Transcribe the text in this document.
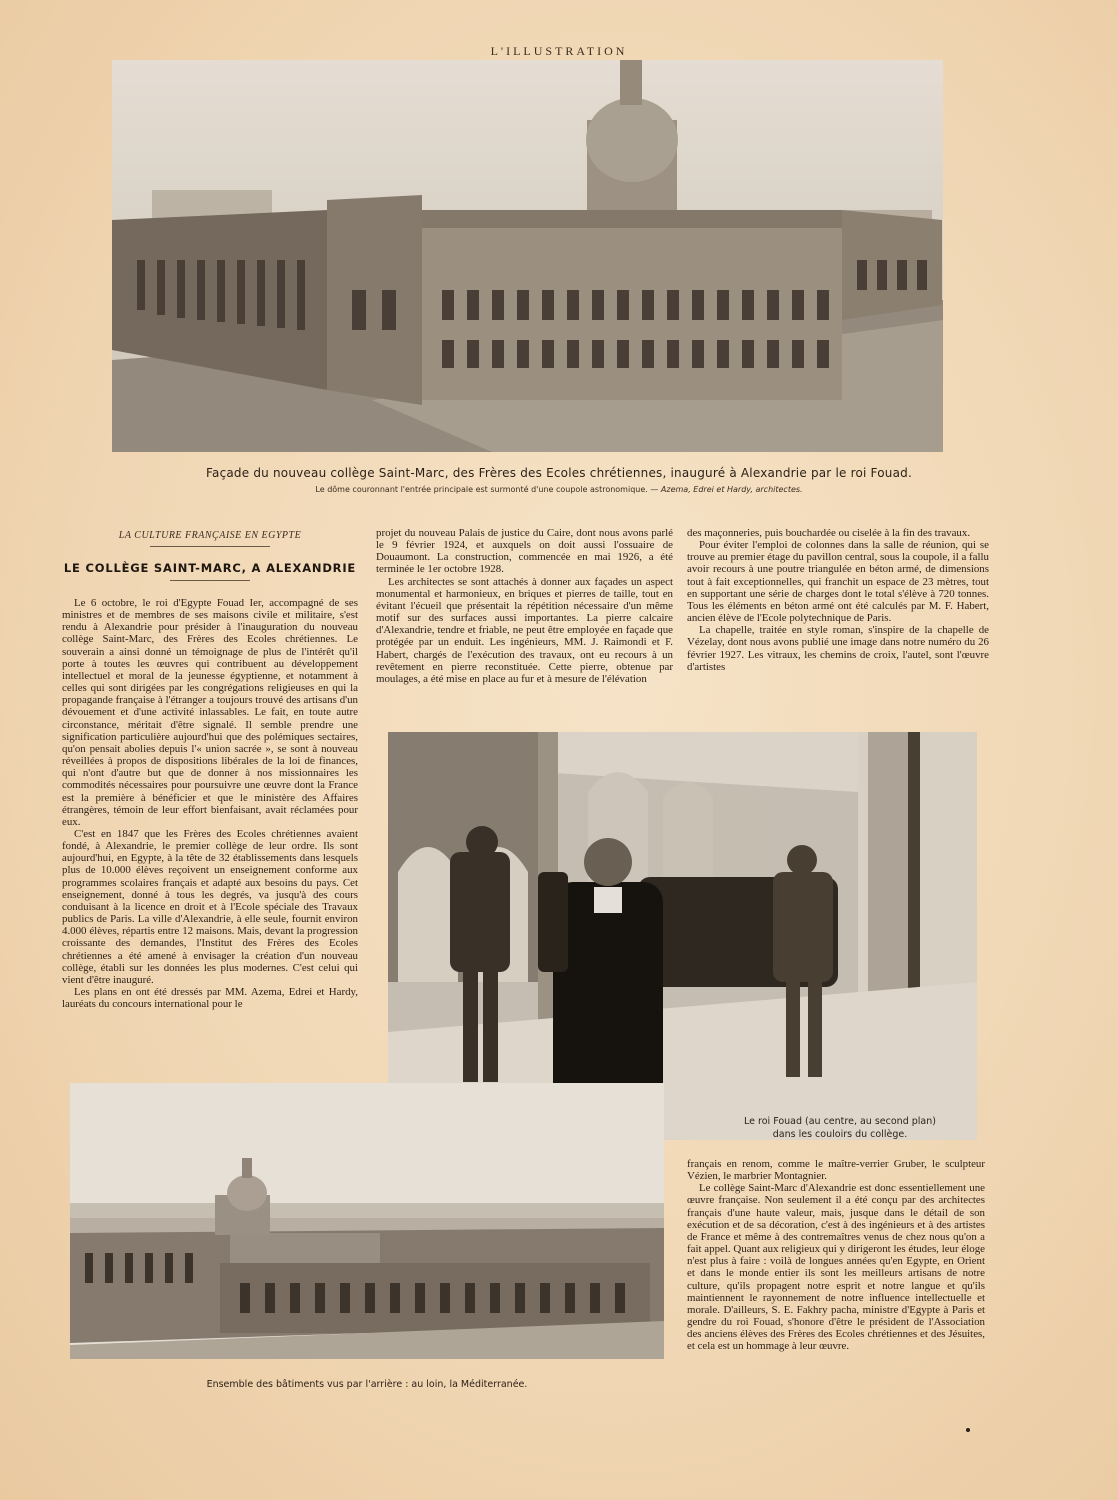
L'ILLUSTRATION
Façade du nouveau collège Saint-Marc, des Frères des Ecoles chrétiennes, inauguré à Alexandrie par le roi Fouad.
Le dôme couronnant l'entrée principale est surmonté d'une coupole astronomique. — Azema, Edrei et Hardy, architectes.
LA CULTURE FRANÇAISE EN EGYPTE
LE COLLÈGE SAINT-MARC, A ALEXANDRIE

Le 6 octobre, le roi d'Egypte Fouad Ier, accompagné de ses ministres et de membres de ses maisons civile et militaire, s'est rendu à Alexandrie pour présider à l'inauguration du nouveau collège Saint-Marc, des Frères des Ecoles chrétiennes. Le souverain a ainsi donné un témoignage de plus de l'intérêt qu'il porte à toutes les œuvres qui contribuent au développement intellectuel et moral de la jeunesse égyptienne, et notamment à celles qui sont dirigées par les congrégations religieuses en qui la propagande française à l'étranger a toujours trouvé des artisans d'un dévouement et d'une activité inlassables. Le fait, en toute autre circonstance, méritait d'être signalé. Il semble prendre une signification particulière aujourd'hui que des polémiques sectaires, qu'on pensait abolies depuis l'« union sacrée », se sont à nouveau réveillées à propos de dispositions libérales de la loi de finances, qui n'ont d'autre but que de donner à nos missionnaires les commodités nécessaires pour poursuivre une œuvre dont la France est la première à bénéficier et que le ministère des Affaires étrangères, témoin de leur effort bienfaisant, avait réclamées pour eux.

C'est en 1847 que les Frères des Ecoles chrétiennes avaient fondé, à Alexandrie, le premier collège de leur ordre. Ils sont aujourd'hui, en Egypte, à la tête de 32 établissements dans lesquels plus de 10.000 élèves reçoivent un enseignement conforme aux programmes scolaires français et adapté aux besoins du pays. Cet enseignement, donné à tous les degrés, va jusqu'à des cours conduisant à la licence en droit et à l'Ecole spéciale des Travaux publics de Paris. La ville d'Alexandrie, à elle seule, fournit environ 4.000 élèves, répartis entre 12 maisons. Mais, devant la progression croissante des demandes, l'Institut des Frères des Ecoles chrétiennes a été amené à envisager la création d'un nouveau collège, établi sur les données les plus modernes. C'est celui qui vient d'être inauguré.

Les plans en ont été dressés par MM. Azema, Edrei et Hardy, lauréats du concours international pour le

projet du nouveau Palais de justice du Caire, dont nous avons parlé le 9 février 1924, et auxquels on doit aussi l'ossuaire de Douaumont. La construction, commencée en mai 1926, a été terminée le 1er octobre 1928.

Les architectes se sont attachés à donner aux façades un aspect monumental et harmonieux, en briques et pierres de taille, tout en évitant l'écueil que présentait la répétition nécessaire d'un même motif sur des surfaces aussi importantes. La pierre calcaire d'Alexandrie, tendre et friable, ne peut être employée en façade que protégée par un enduit. Les ingénieurs, MM. J. Raimondi et F. Habert, chargés de l'exécution des travaux, ont eu recours à un revêtement en pierre reconstituée. Cette pierre, obtenue par moulages, a été mise en place au fur et à mesure de l'élévation

des maçonneries, puis bouchardée ou ciselée à la fin des travaux.

Pour éviter l'emploi de colonnes dans la salle de réunion, qui se trouve au premier étage du pavillon central, sous la coupole, il a fallu avoir recours à une poutre triangulée en béton armé, de dimensions tout à fait exceptionnelles, qui franchit un espace de 23 mètres, tout en supportant une série de charges dont le total s'élève à 720 tonnes. Tous les éléments en béton armé ont été calculés par M. F. Habert, ancien élève de l'Ecole polytechnique de Paris.

La chapelle, traitée en style roman, s'inspire de la chapelle de Vézelay, dont nous avons publié une image dans notre numéro du 26 février 1927. Les vitraux, les chemins de croix, l'autel, sont l'œuvre d'artistes

Le roi Fouad (au centre, au second plan)
dans les couloirs du collège.
Ensemble des bâtiments vus par l'arrière : au loin, la Méditerranée.

français en renom, comme le maître-verrier Gruber, le sculpteur Vézien, le marbrier Montagnier.

Le collège Saint-Marc d'Alexandrie est donc essentiellement une œuvre française. Non seulement il a été conçu par des architectes français d'une haute valeur, mais, jusque dans le détail de son exécution et de sa décoration, c'est à des ingénieurs et à des artistes de France et même à des contremaîtres venus de chez nous qu'on a fait appel. Quant aux religieux qui y dirigeront les études, leur éloge n'est plus à faire : voilà de longues années qu'en Egypte, en Orient et dans le monde entier ils sont les meilleurs artisans de notre culture, qu'ils propagent notre esprit et notre langue et qu'ils maintiennent le rayonnement de notre influence intellectuelle et morale. D'ailleurs, S. E. Fakhry pacha, ministre d'Egypte à Paris et gendre du roi Fouad, s'honore d'être le président de l'Association des anciens élèves des Frères des Ecoles chrétiennes et des Jésuites, et cela est un hommage à leur œuvre.
